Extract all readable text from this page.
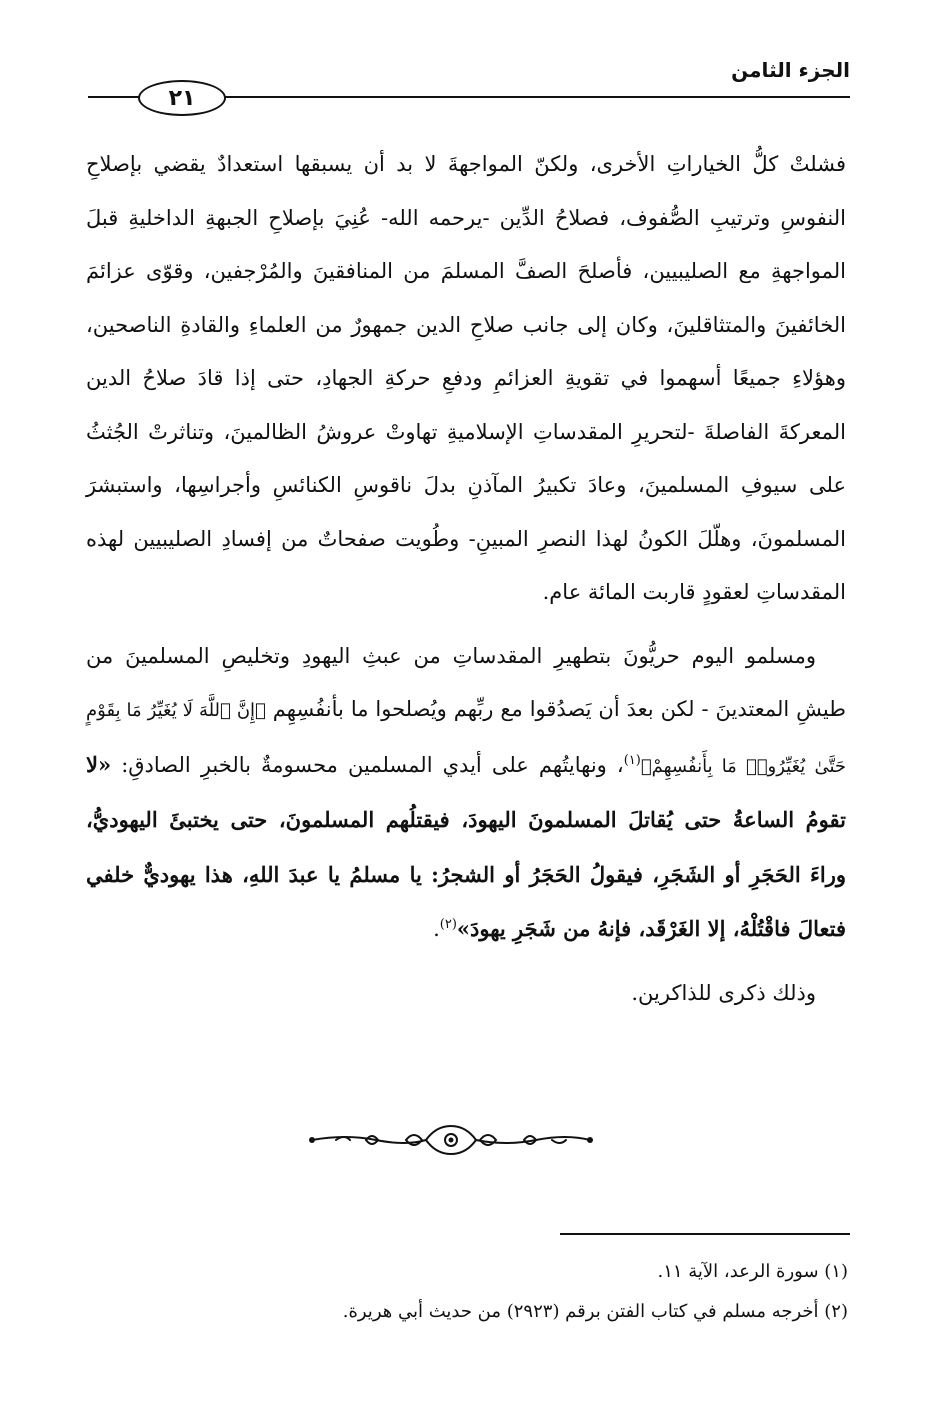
الجزء الثامن
٢١

فشلتْ كلُّ الخياراتِ الأخرى، ولكنّ المواجهةَ لا بد أن يسبقها استعدادٌ يقضي بإصلاحِ النفوسِ وترتيبِ الصُّفوف، فصلاحُ الدِّين -يرحمه الله- عُنِيَ بإصلاحِ الجبهةِ الداخليةِ قبلَ المواجهةِ مع الصليبيين، فأصلحَ الصفَّ المسلمَ من المنافقينَ والمُرْجفين، وقوّى عزائمَ الخائفينَ والمتثاقلينَ، وكان إلى جانب صلاحِ الدين جمهورٌ من العلماءِ والقادةِ الناصحين، وهؤلاءِ جميعًا أسهموا في تقويةِ العزائمِ ودفعِ حركةِ الجهادِ، حتى إذا قادَ صلاحُ الدين المعركةَ الفاصلةَ -لتحريرِ المقدساتِ الإسلاميةِ تهاوتْ عروشُ الظالمينَ، وتناثرتْ الجُثثُ على سيوفِ المسلمينَ، وعادَ تكبيرُ المآذنِ بدلَ ناقوسِ الكنائسِ وأجراسِها، واستبشرَ المسلمونَ، وهلّلَ الكونُ لهذا النصرِ المبينِ- وطُويت صفحاتٌ من إفسادِ الصليبيين لهذه المقدساتِ لعقودٍ قاربت المائة عام.

ومسلمو اليوم حريُّونَ بتطهيرِ المقدساتِ من عبثِ اليهودِ وتخليصِ المسلمينَ من طيشِ المعتدينَ - لكن بعدَ أن يَصدُقوا مع ربِّهم ويُصلحوا ما بأنفُسِهِم ﴿إِنَّ ٱللَّهَ لَا يُغَيِّرُ مَا بِقَوْمٍ حَتَّىٰ يُغَيِّرُوا۟ مَا بِأَنفُسِهِمْ﴾$^{(١)}$، ونهايتُهم على أيدي المسلمين محسومةٌ بالخبرِ الصادقِ: «لا تقومُ الساعةُ حتى يُقاتلَ المسلمونَ اليهودَ، فيقتلُهم المسلمونَ، حتى يختبئَ اليهوديُّ، وراءَ الحَجَرِ أو الشَجَرِ، فيقولُ الحَجَرُ أو الشجرُ: يا مسلمُ يا عبدَ اللهِ، هذا يهوديٌّ خلفي فتعالَ فاقْتُلْهُ، إلا الغَرْقَد، فإنهُ من شَجَرِ يهودَ»$^{(٢)}$.

وذلك ذكرى للذاكرين.

(١) سورة الرعد، الآية ١١.
(٢) أخرجه مسلم في كتاب الفتن برقم (٢٩٢٣) من حديث أبي هريرة.
